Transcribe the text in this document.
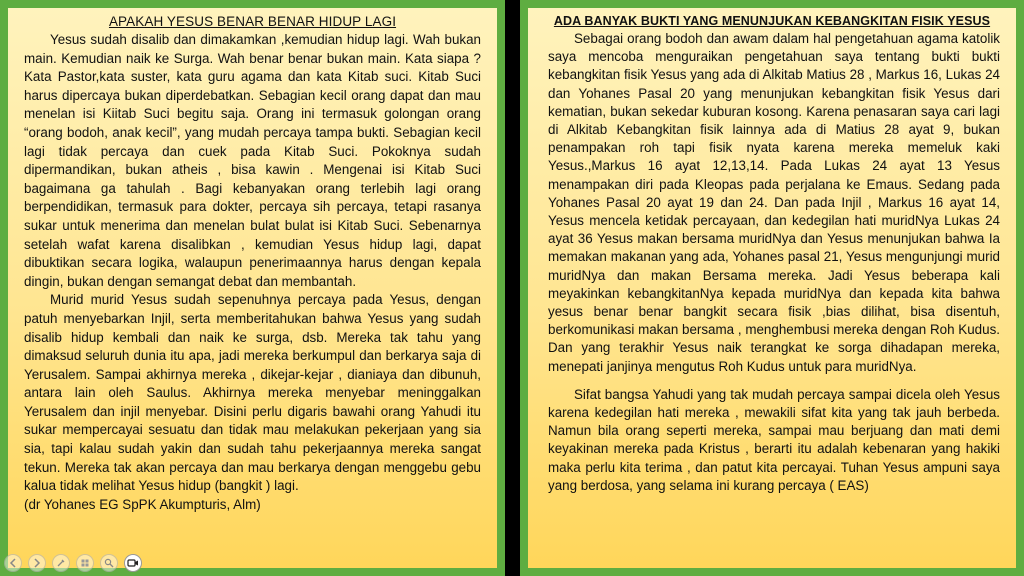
APAKAH YESUS BENAR BENAR HIDUP LAGI

Yesus sudah disalib dan dimakamkan ,kemudian hidup lagi. Wah bukan main. Kemudian naik ke Surga. Wah benar benar bukan main. Kata siapa ? Kata Pastor,kata suster, kata guru agama dan kata Kitab suci. Kitab Suci harus dipercaya bukan diperdebatkan. Sebagian kecil orang dapat dan mau menelan isi Kiitab Suci begitu saja. Orang ini termasuk golongan orang “orang bodoh, anak kecil”, yang mudah percaya tampa bukti. Sebagian kecil lagi tidak percaya dan cuek pada Kitab Suci. Pokoknya sudah dipermandikan, bukan atheis , bisa kawin . Mengenai isi Kitab Suci bagaimana ga tahulah . Bagi kebanyakan orang terlebih lagi orang berpendidikan, termasuk para dokter, percaya sih percaya, tetapi rasanya sukar untuk menerima dan menelan bulat bulat isi Kitab Suci. Sebenarnya setelah wafat karena disalibkan , kemudian Yesus hidup lagi, dapat dibuktikan secara logika, walaupun penerimaannya harus dengan kepala dingin, bukan dengan semangat debat dan membantah.

Murid murid Yesus sudah sepenuhnya percaya pada Yesus, dengan patuh menyebarkan Injil, serta memberitahukan bahwa Yesus yang sudah disalib hidup kembali dan naik ke surga, dsb. Mereka tak tahu yang dimaksud seluruh dunia itu apa, jadi mereka berkumpul dan berkarya saja di Yerusalem. Sampai akhirnya mereka , dikejar-kejar , dianiaya dan dibunuh, antara lain oleh Saulus. Akhirnya mereka menyebar meninggalkan Yerusalem dan injil menyebar. Disini perlu digaris bawahi orang Yahudi itu sukar mempercayai sesuatu dan tidak mau melakukan pekerjaan yang sia sia, tapi kalau sudah yakin dan sudah tahu pekerjaannya mereka sangat tekun. Mereka tak akan percaya dan mau berkarya dengan menggebu gebu kalua tidak melihat Yesus hidup (bangkit ) lagi.

(dr Yohanes EG SpPK Akumpturis, Alm)

ADA BANYAK BUKTI YANG MENUNJUKAN KEBANGKITAN FISIK YESUS

Sebagai orang bodoh dan awam dalam hal pengetahuan agama katolik saya mencoba menguraikan pengetahuan saya tentang bukti bukti kebangkitan fisik Yesus yang ada di Alkitab Matius 28 , Markus 16, Lukas 24 dan Yohanes Pasal 20 yang menunjukan kebangkitan fisik Yesus dari kematian, bukan sekedar kuburan kosong. Karena penasaran saya cari lagi di Alkitab Kebangkitan fisik lainnya ada di Matius 28 ayat 9, bukan penampakan roh tapi fisik nyata karena mereka memeluk kaki Yesus.,Markus 16 ayat 12,13,14. Pada Lukas 24 ayat 13 Yesus menampakan diri pada Kleopas pada perjalana ke Emaus. Sedang pada Yohanes Pasal 20 ayat 19 dan 24. Dan pada Injil , Markus 16 ayat 14, Yesus mencela ketidak percayaan, dan kedegilan hati muridNya Lukas 24 ayat 36 Yesus makan bersama muridNya dan Yesus menunjukan bahwa Ia memakan makanan yang ada, Yohanes pasal 21, Yesus mengunjungi murid muridNya dan makan Bersama mereka. Jadi Yesus beberapa kali meyakinkan kebangkitanNya kepada muridNya dan kepada kita bahwa yesus benar benar bangkit secara fisik ,bias dilihat, bisa disentuh, berkomunikasi makan bersama , menghembusi mereka dengan Roh Kudus. Dan yang terakhir Yesus naik terangkat ke sorga dihadapan mereka, menepati janjinya mengutus Roh Kudus untuk para muridNya.

Sifat bangsa Yahudi yang tak mudah percaya sampai dicela oleh Yesus karena kedegilan hati mereka , mewakili sifat kita yang tak jauh berbeda. Namun bila orang seperti mereka, sampai mau berjuang dan mati demi keyakinan mereka pada Kristus , berarti itu adalah kebenaran yang hakiki maka perlu kita terima , dan patut kita percayai. Tuhan Yesus ampuni saya yang berdosa, yang selama ini kurang percaya ( EAS)
